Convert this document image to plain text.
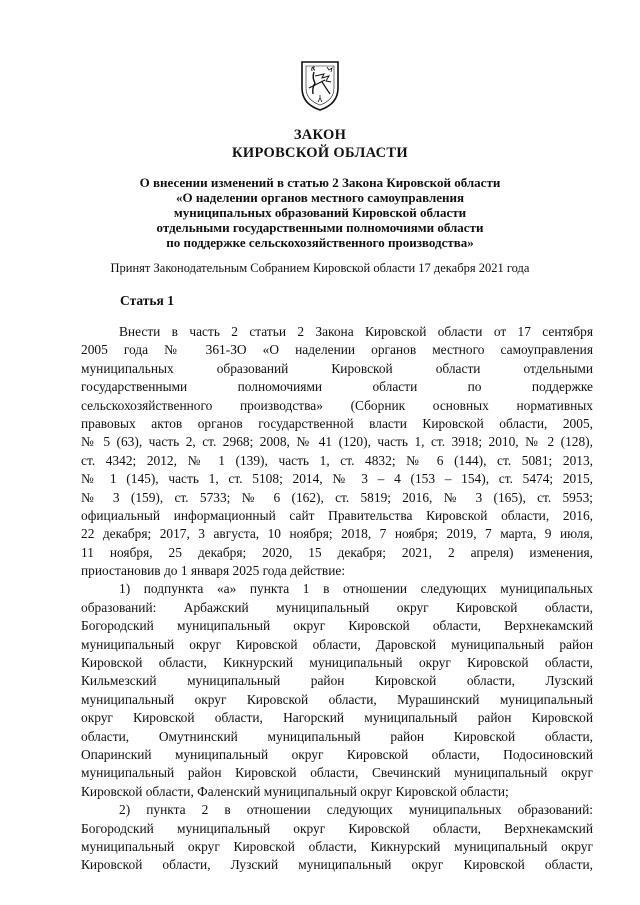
ЗАКОН
КИРОВСКОЙ ОБЛАСТИ
О внесении изменений в статью 2 Закона Кировской области
«О наделении органов местного самоуправления
муниципальных образований Кировской области
отдельными государственными полномочиями области
по поддержке сельскохозяйственного производства»
Принят Законодательным Собранием Кировской области 17 декабря 2021 года
Статья 1
Внести в часть 2 статьи 2 Закона Кировской области от 17 сентября
2005 года № 361-ЗО «О наделении органов местного самоуправления
муниципальных образований Кировской области отдельными
государственными полномочиями области по поддержке
сельскохозяйственного производства» (Сборник основных нормативных
правовых актов органов государственной власти Кировской области, 2005,
№ 5 (63), часть 2, ст. 2968; 2008, № 41 (120), часть 1, ст. 3918; 2010, № 2 (128),
ст. 4342; 2012, № 1 (139), часть 1, ст. 4832; № 6 (144), ст. 5081; 2013,
№ 1 (145), часть 1, ст. 5108; 2014, № 3 – 4 (153 – 154), ст. 5474; 2015,
№ 3 (159), ст. 5733; № 6 (162), ст. 5819; 2016, № 3 (165), ст. 5953;
официальный информационный сайт Правительства Кировской области, 2016,
22 декабря; 2017, 3 августа, 10 ноября; 2018, 7 ноября; 2019, 7 марта, 9 июля,
11 ноября, 25 декабря; 2020, 15 декабря; 2021, 2 апреля) изменения,
приостановив до 1 января 2025 года действие:
1) подпункта «а» пункта 1 в отношении следующих муниципальных
образований: Арбажский муниципальный округ Кировской области,
Богородский муниципальный округ Кировской области, Верхнекамский
муниципальный округ Кировской области, Даровской муниципальный район
Кировской области, Кикнурский муниципальный округ Кировской области,
Кильмезский муниципальный район Кировской области, Лузский
муниципальный округ Кировской области, Мурашинский муниципальный
округ Кировской области, Нагорский муниципальный район Кировской
области, Омутнинский муниципальный район Кировской области,
Опаринский муниципальный округ Кировской области, Подосиновский
муниципальный район Кировской области, Свечинский муниципальный округ
Кировской области, Фаленский муниципальный округ Кировской области;
2) пункта 2 в отношении следующих муниципальных образований:
Богородский муниципальный округ Кировской области, Верхнекамский
муниципальный округ Кировской области, Кикнурский муниципальный округ
Кировской области, Лузский муниципальный округ Кировской области,
